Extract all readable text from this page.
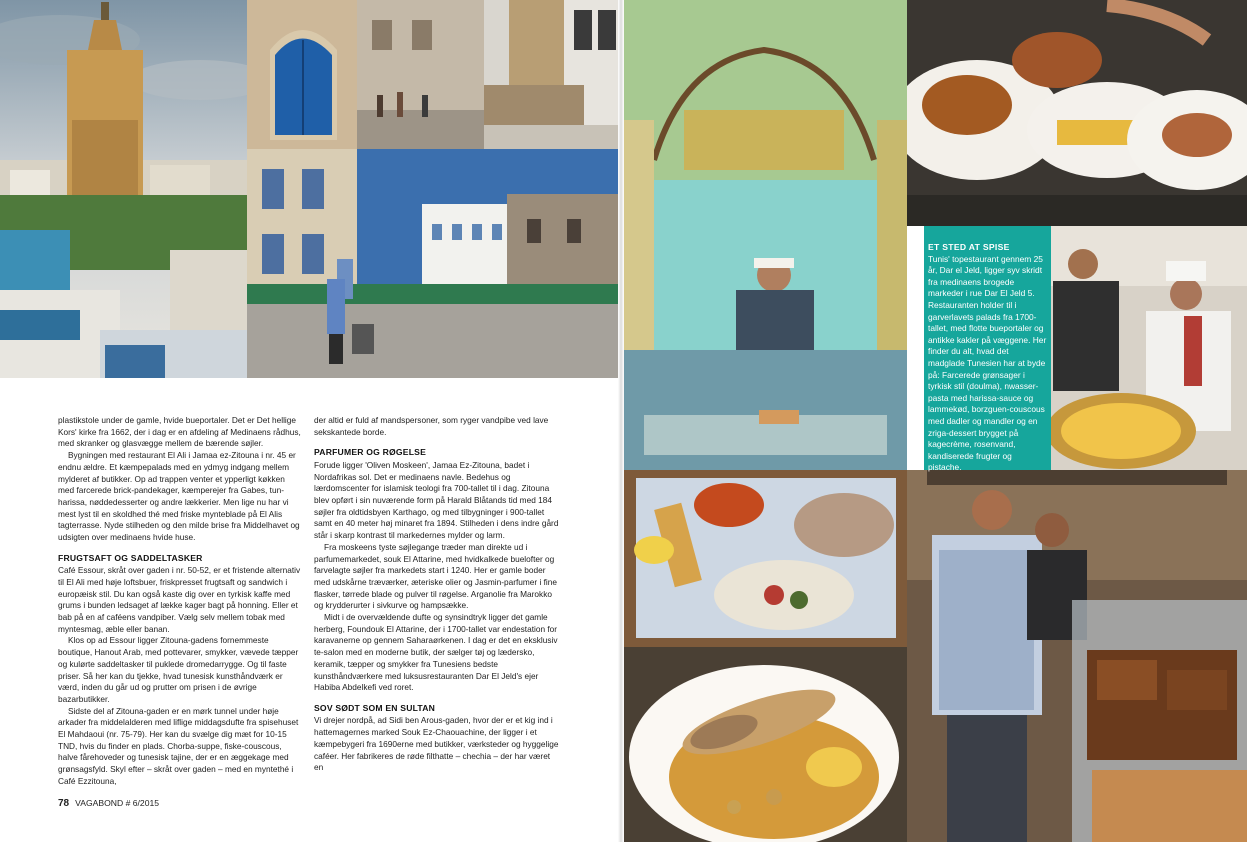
plastikstole under de gamle, hvide bueportaler. Det er Det hellige Kors' kirke fra 1662, der i dag er en afdeling af Medinaens rådhus, med skranker og glasvægge mellem de bærende søjler.

Bygningen med restaurant El Ali i Jamaa ez-Zitouna i nr. 45 er endnu ældre. Et kæmpepalads med en ydmyg indgang mellem mylderet af butikker. Op ad trappen venter et ypperligt køkken med farcerede brick-pandekager, kæmperejer fra Gabes, tun-harissa, nøddedesserter og andre lækkerier. Men lige nu har vi mest lyst til en skoldhed thé med friske mynteblade på El Alis tagterrasse. Nyde stilheden og den milde brise fra Middelhavet og udsigten over medinaens hvide huse.

FRUGTSAFT OG SADDELTASKER

Café Essour, skråt over gaden i nr. 50-52, er et fristende alternativ til El Ali med høje loftsbuer, friskpresset frugtsaft og sandwich i europæisk stil. Du kan også kaste dig over en tyrkisk kaffe med grums i bunden ledsaget af lække kager bagt på honning. Eller et bab på en af caféens vandpiber. Vælg selv mellem tobak med myntesmag, æble eller banan.

Klos op ad Essour ligger Zitouna-gadens fornemmeste boutique, Hanout Arab, med pottevarer, smykker, vævede tæpper og kulørte saddeltasker til puklede dromedarrygge. Og til faste priser. Så her kan du tjekke, hvad tunesisk kunsthåndværk er værd, inden du går ud og prutter om prisen i de øvrige bazarbutikker.

Sidste del af Zitouna-gaden er en mørk tunnel under høje arkader fra middelalderen med liflige middagsdufte fra spisehuset El Mahdaoui (nr. 75-79). Her kan du svælge dig mæt for 10-15 TND, hvis du finder en plads. Chorba-suppe, fiske-couscous, halve fårehoveder og tunesisk tajine, der er en æggekage med grønsagsfyld. Skyl efter – skråt over gaden – med en myntethé i Café Ezzitouna,

der altid er fuld af mandspersoner, som ryger vandpibe ved lave sekskantede borde.

PARFUMER OG RØGELSE

Forude ligger 'Oliven Moskeen', Jamaa Ez-Zitouna, badet i Nordafrikas sol. Det er medinaens navle. Bedehus og lærdomscenter for islamisk teologi fra 700-tallet til i dag. Zitouna blev opført i sin nuværende form på Harald Blåtands tid med 184 søjler fra oldtidsbyen Karthago, og med tilbygninger i 900-tallet samt en 40 meter høj minaret fra 1894. Stilheden i dens indre gård står i skarp kontrast til markedernes mylder og larm.

Fra moskeens tyste søjlegange træder man direkte ud i parfumemarkedet, souk El Attarine, med hvidkalkede buelofter og farvelagte søjler fra markedets start i 1240. Her er gamle boder med udskårne træværker, æteriske olier og Jasmin-parfumer i fine flasker, tørrede blade og pulver til røgelse. Arganolie fra Marokko og krydderurter i sivkurve og hampsække.

Midt i de overvældende dufte og synsindtryk ligger det gamle herberg, Foundouk El Attarine, der i 1700-tallet var endestation for karavanerne op gennem Saharaørkenen. I dag er det en eksklusiv te-salon med en moderne butik, der sælger tøj og lædersko, keramik, tæpper og smykker fra Tunesiens bedste kunsthåndværkere med luksusrestauranten Dar El Jeld's ejer Habiba Abdelkefi ved roret.

SOV SØDT SOM EN SULTAN

Vi drejer nordpå, ad Sidi ben Arous-gaden, hvor der er et kig ind i hattemagernes marked Souk Ez-Chaouachine, der ligger i et kæmpebygeri fra 1690erne med butikker, værksteder og hyggelige caféer. Her fabrikeres de røde filthatte – chechia – der har været en

ET STED AT SPISE

Tunis' topestaurant gennem 25 år, Dar el Jeld, ligger syv skridt fra medinaens brogede markeder i rue Dar El Jeld 5. Restauranten holder til i garverlavets palads fra 1700-tallet, med flotte bueportaler og antikke kakler på væggene. Her finder du alt, hvad det madglade Tunesien har at byde på: Farcerede grønsager i tyrkisk stil (doulma), nwasser-pasta med harissa-sauce og lammekød, borzguen-couscous med dadler og mandler og en zriga-dessert brygget på kagecrème, rosenvand, kandiserede frugter og pistache.

78 VAGABOND # 6/2015
